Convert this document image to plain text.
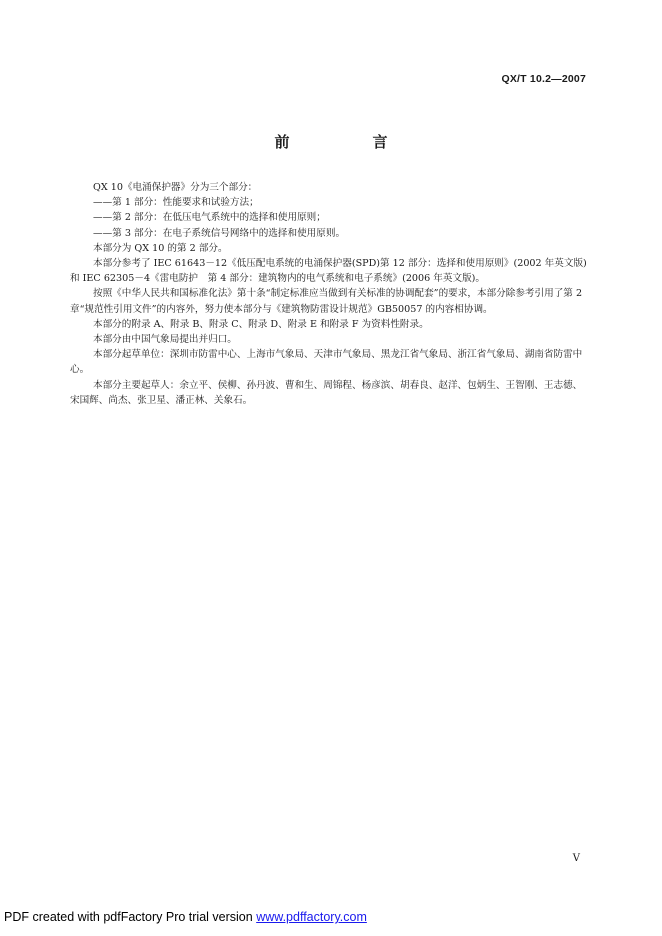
QX/T 10.2—2007
前　言

QX 10《电涌保护器》分为三个部分：

——第 1 部分：性能要求和试验方法；

——第 2 部分：在低压电气系统中的选择和使用原则；

——第 3 部分：在电子系统信号网络中的选择和使用原则。

本部分为 QX 10 的第 2 部分。

本部分参考了 IEC 61643－12《低压配电系统的电涌保护器(SPD)第 12 部分：选择和使用原则》(2002 年英文版)和 IEC 62305－4《雷电防护　第 4 部分：建筑物内的电气系统和电子系统》(2006 年英文版)。

按照《中华人民共和国标准化法》第十条“制定标准应当做到有关标准的协调配套”的要求，本部分除参考引用了第 2 章“规范性引用文件”的内容外，努力使本部分与《建筑物防雷设计规范》GB50057 的内容相协调。

本部分的附录 A、附录 B、附录 C、附录 D、附录 E 和附录 F 为资料性附录。

本部分由中国气象局提出并归口。

本部分起草单位：深圳市防雷中心、上海市气象局、天津市气象局、黑龙江省气象局、浙江省气象局、湖南省防雷中心。

本部分主要起草人：余立平、侯柳、孙丹波、曹和生、周锦程、杨彦滨、胡春良、赵洋、包炳生、王智刚、王志德、宋国辉、尚杰、张卫星、潘正林、关象石。

V
PDF created with pdfFactory Pro trial version www.pdffactory.com
